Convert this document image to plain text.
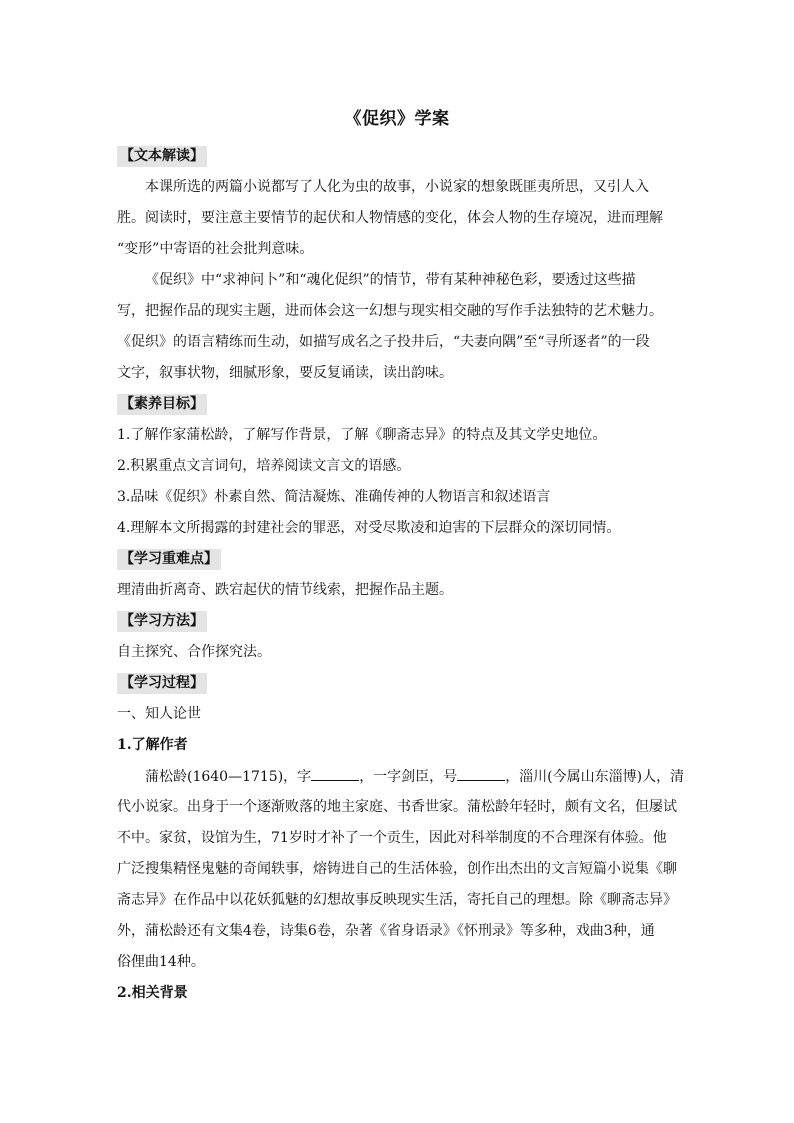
《促织》学案
【文本解读】
本课所选的两篇小说都写了人化为虫的故事，小说家的想象既匪夷所思，又引人入
胜。阅读时，要注意主要情节的起伏和人物情感的变化，体会人物的生存境况，进而理解
“变形”中寄语的社会批判意味。
《促织》中“求神问卜”和“魂化促织”的情节，带有某种神秘色彩，要透过这些描
写，把握作品的现实主题，进而体会这一幻想与现实相交融的写作手法独特的艺术魅力。
《促织》的语言精练而生动，如描写成名之子投井后，“夫妻向隅”至“寻所逐者”的一段
文字，叙事状物，细腻形象，要反复诵读，读出韵味。
【素养目标】
1.了解作家蒲松龄，了解写作背景，了解《聊斋志异》的特点及其文学史地位。
2.积累重点文言词句，培养阅读文言文的语感。
3.品味《促织》朴素自然、简洁凝炼、准确传神的人物语言和叙述语言
4.理解本文所揭露的封建社会的罪恶，对受尽欺凌和迫害的下层群众的深切同情。
【学习重难点】
理清曲折离奇、跌宕起伏的情节线索，把握作品主题。
【学习方法】
自主探究、合作探究法。
【学习过程】
一、知人论世
1.了解作者
蒲松龄(1640—1715)，字	，一字剑臣，号	，淄川(今属山东淄博)人，清
代小说家。出身于一个逐渐败落的地主家庭、书香世家。蒲松龄年轻时，颇有文名，但屡试
不中。家贫，设馆为生，71岁时才补了一个贡生，因此对科举制度的不合理深有体验。他
广泛搜集精怪鬼魅的奇闻轶事，熔铸进自己的生活体验，创作出杰出的文言短篇小说集《聊
斋志异》在作品中以花妖狐魅的幻想故事反映现实生活，寄托自己的理想。除《聊斋志异》
外，蒲松龄还有文集4卷，诗集6卷，杂著《省身语录》《怀刑录》等多种，戏曲3种，通
俗俚曲14种。
2.相关背景
